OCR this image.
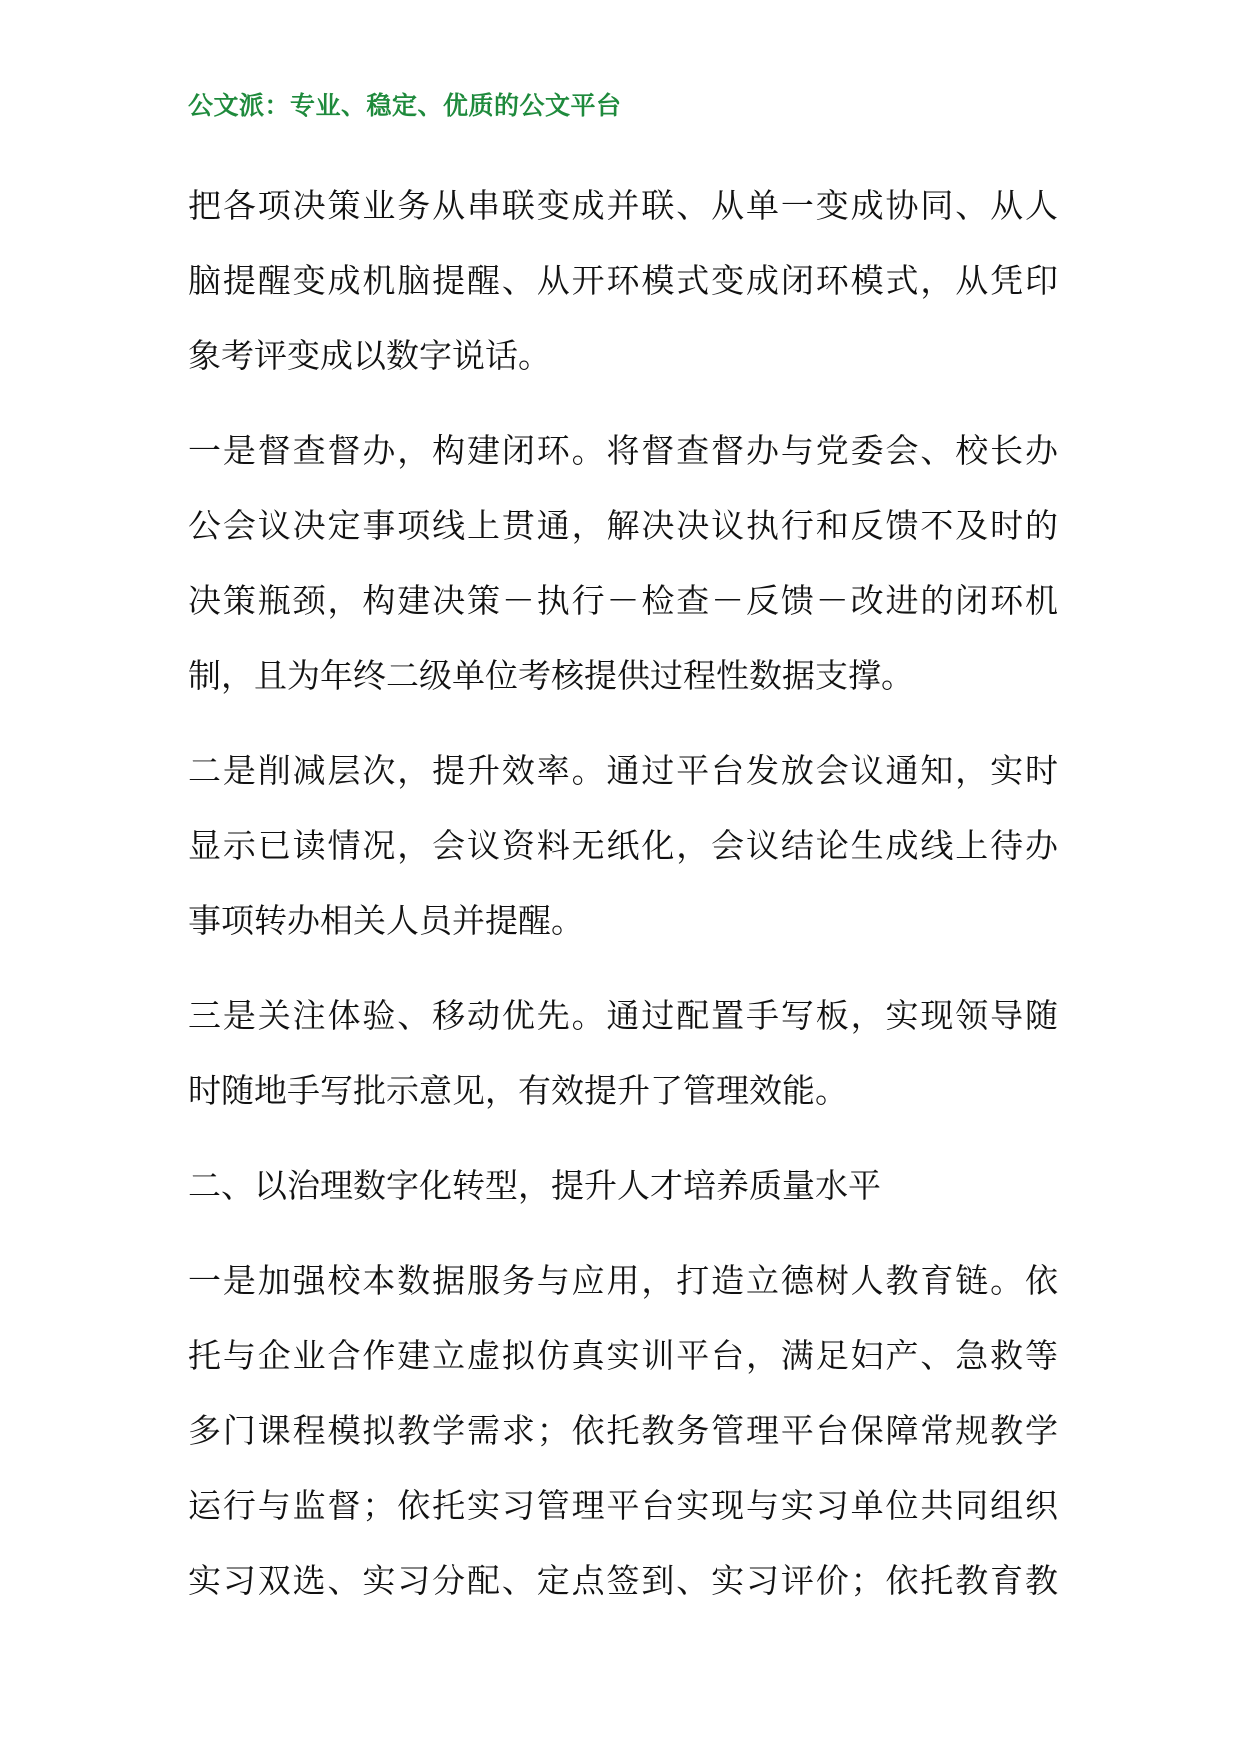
公文派：专业、稳定、优质的公文平台
把各项决策业务从串联变成并联、从单一变成协同、从人
脑提醒变成机脑提醒、从开环模式变成闭环模式，从凭印
象考评变成以数字说话。
一是督查督办，构建闭环。将督查督办与党委会、校长办
公会议决定事项线上贯通，解决决议执行和反馈不及时的
决策瓶颈，构建决策－执行－检查－反馈－改进的闭环机
制，且为年终二级单位考核提供过程性数据支撑。
二是削减层次，提升效率。通过平台发放会议通知，实时
显示已读情况，会议资料无纸化，会议结论生成线上待办
事项转办相关人员并提醒。
三是关注体验、移动优先。通过配置手写板，实现领导随
时随地手写批示意见，有效提升了管理效能。
二、以治理数字化转型，提升人才培养质量水平
一是加强校本数据服务与应用，打造立德树人教育链。依
托与企业合作建立虚拟仿真实训平台，满足妇产、急救等
多门课程模拟教学需求；依托教务管理平台保障常规教学
运行与监督；依托实习管理平台实现与实习单位共同组织
实习双选、实习分配、定点签到、实习评价；依托教育教
